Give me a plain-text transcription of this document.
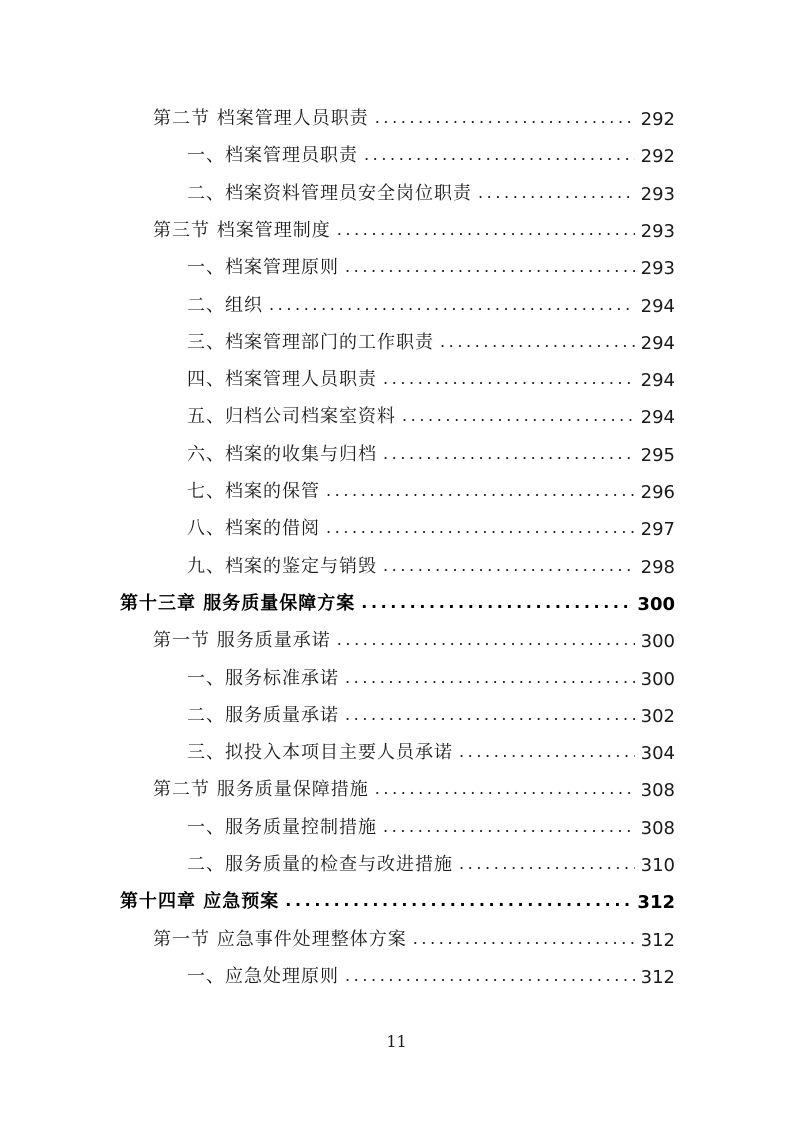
第二节 档案管理人员职责 .....	292
一、档案管理员职责 .....	292
二、档案资料管理员安全岗位职责 .....	293
第三节 档案管理制度 .....	293
一、档案管理原则 .....	293
二、组织 .....	294
三、档案管理部门的工作职责 .....	294
四、档案管理人员职责 .....	294
五、归档公司档案室资料 .....	294
六、档案的收集与归档 .....	295
七、档案的保管 .....	296
八、档案的借阅 .....	297
九、档案的鉴定与销毁 .....	298
第十三章 服务质量保障方案 .....	300
第一节 服务质量承诺 .....	300
一、服务标准承诺 .....	300
二、服务质量承诺 .....	302
三、拟投入本项目主要人员承诺 .....	304
第二节 服务质量保障措施 .....	308
一、服务质量控制措施 .....	308
二、服务质量的检查与改进措施 .....	310
第十四章 应急预案 .....	312
第一节 应急事件处理整体方案 .....	312
一、应急处理原则 .....	312
11
